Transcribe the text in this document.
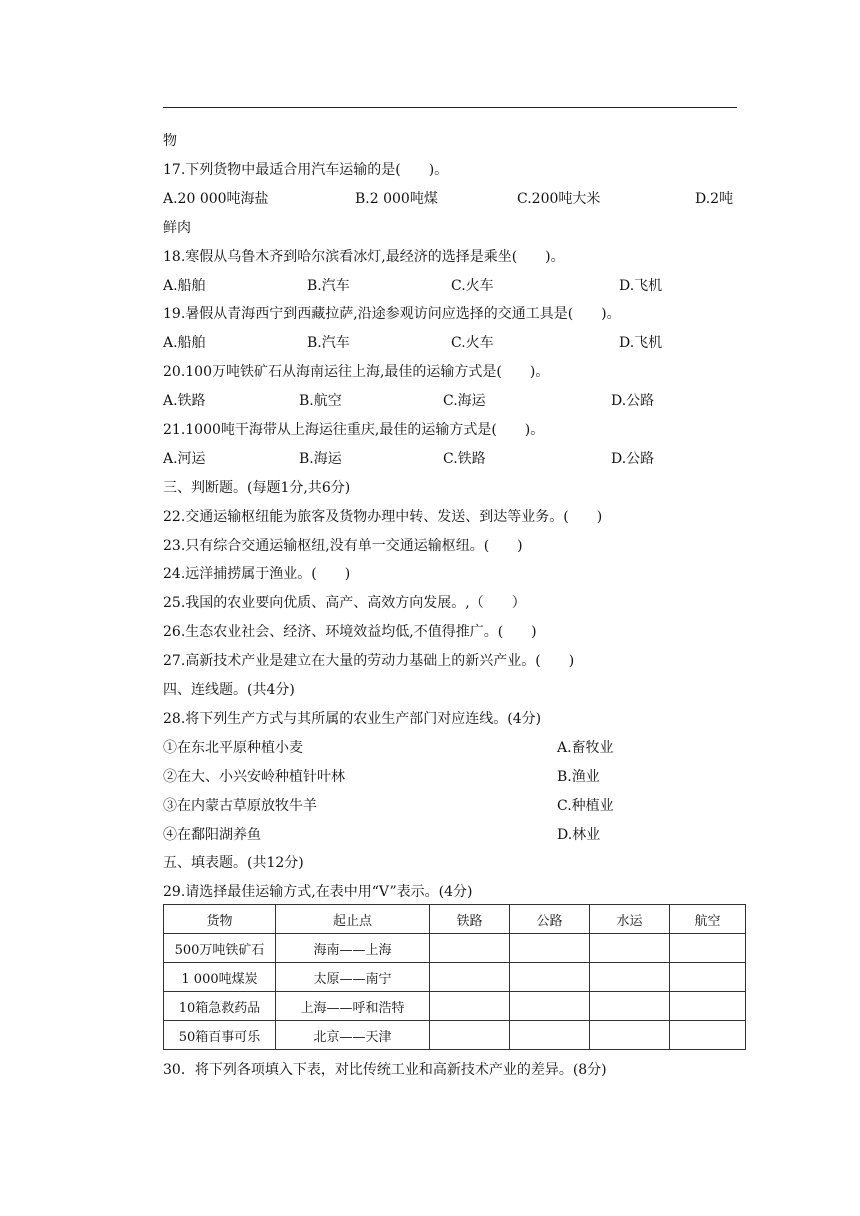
物
17.下列货物中最适合用汽车运输的是(　　)。
A.20 000吨海盐	B.2 000吨煤	C.200吨大米	D.2吨
鲜肉
18.寒假从乌鲁木齐到哈尔滨看冰灯,最经济的选择是乘坐(　　)。
A.船舶	B.汽车	C.火车	D.飞机
19.暑假从青海西宁到西藏拉萨,沿途参观访问应选择的交通工具是(　　)。
A.船舶	B.汽车	C.火车	D.飞机
20.100万吨铁矿石从海南运往上海,最佳的运输方式是(　　)。
A.铁路	B.航空	C.海运	D.公路
21.1000吨干海带从上海运往重庆,最佳的运输方式是(　　)。
A.河运	B.海运	C.铁路	D.公路
三、判断题。(每题1分,共6分)
22.交通运输枢纽能为旅客及货物办理中转、发送、到达等业务。(　　)
23.只有综合交通运输枢纽,没有单一交通运输枢纽。(　　)
24.远洋捕捞属于渔业。(　　)
25.我国的农业要向优质、高产、高效方向发展。,（　　）
26.生态农业社会、经济、环境效益均低,不值得推广。(　　)
27.高新技术产业是建立在大量的劳动力基础上的新兴产业。(　　)
四、连线题。(共4分)
28.将下列生产方式与其所属的农业生产部门对应连线。(4分)
①在东北平原种植小麦	A.畜牧业
②在大、小兴安岭种植针叶林	B.渔业
③在内蒙古草原放牧牛羊	C.种植业
④在鄱阳湖养鱼	D.林业
五、填表题。(共12分)
29.请选择最佳运输方式,在表中用“V”表示。(4分)
货物	起止点	铁路	公路	水运	航空
500万吨铁矿石	海南——上海				
1 000吨煤炭	太原——南宁				
10箱急救药品	上海——呼和浩特				
50箱百事可乐	北京——天津				
30．将下列各项填入下表，对比传统工业和高新技术产业的差异。(8分)
